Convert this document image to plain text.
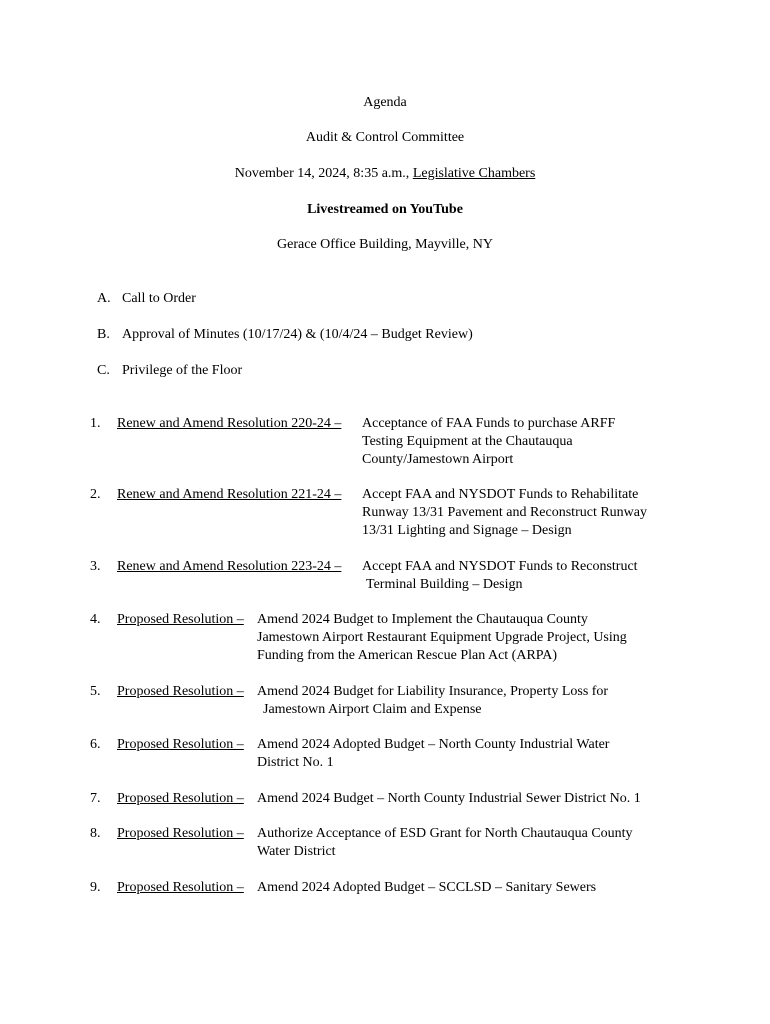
Agenda
Audit & Control Committee
November 14, 2024, 8:35 a.m., Legislative Chambers
Livestreamed on YouTube
Gerace Office Building, Mayville, NY
A. Call to Order
B. Approval of Minutes (10/17/24) & (10/4/24 – Budget Review)
C. Privilege of the Floor
1. Renew and Amend Resolution 220-24 – Acceptance of FAA Funds to purchase ARFF
Testing Equipment at the Chautauqua
County/Jamestown Airport
2. Renew and Amend Resolution 221-24 – Accept FAA and NYSDOT Funds to Rehabilitate
Runway 13/31 Pavement and Reconstruct Runway
13/31 Lighting and Signage – Design
3. Renew and Amend Resolution 223-24 – Accept FAA and NYSDOT Funds to Reconstruct
Terminal Building – Design
4. Proposed Resolution – Amend 2024 Budget to Implement the Chautauqua County
Jamestown Airport Restaurant Equipment Upgrade Project, Using
Funding from the American Rescue Plan Act (ARPA)
5. Proposed Resolution – Amend 2024 Budget for Liability Insurance, Property Loss for
Jamestown Airport Claim and Expense
6. Proposed Resolution – Amend 2024 Adopted Budget – North County Industrial Water
District No. 1
7. Proposed Resolution – Amend 2024 Budget – North County Industrial Sewer District No. 1
8. Proposed Resolution – Authorize Acceptance of ESD Grant for North Chautauqua County
Water District
9. Proposed Resolution – Amend 2024 Adopted Budget – SCCLSD – Sanitary Sewers
